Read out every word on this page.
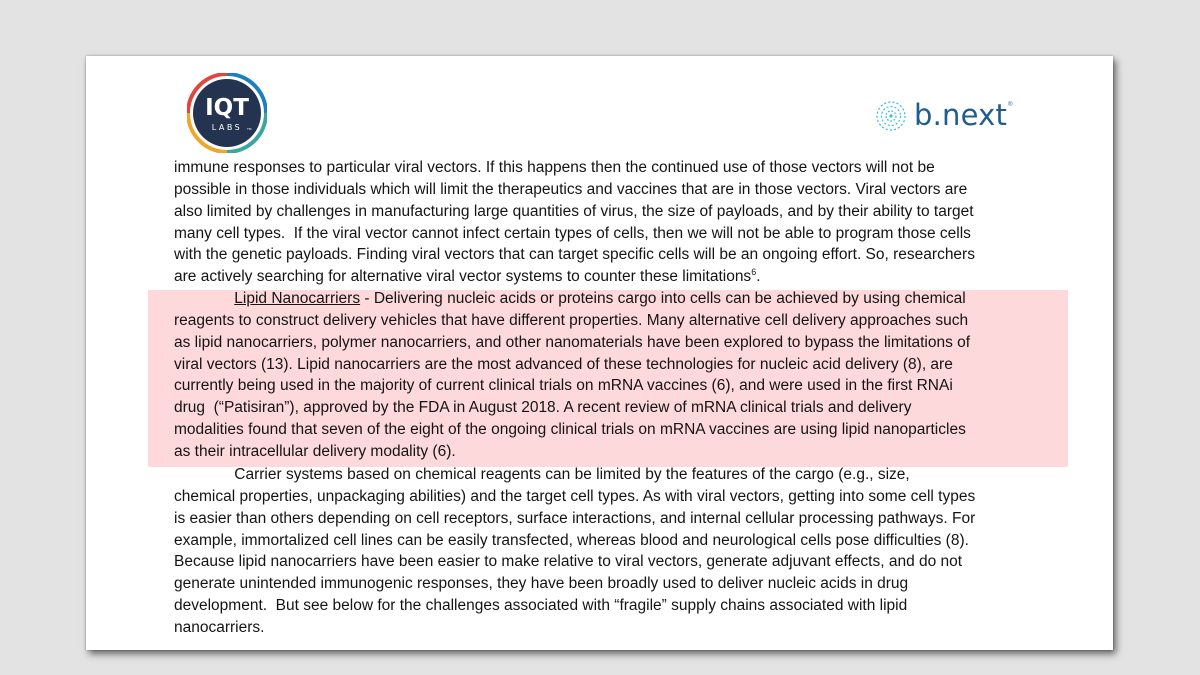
IQT
LABS	TM	b.next ®
immune responses to particular viral vectors. If this happens then the continued use of those vectors will not be
possible in those individuals which will limit the therapeutics and vaccines that are in those vectors. Viral vectors are
also limited by challenges in manufacturing large quantities of virus, the size of payloads, and by their ability to target
many cell types.  If the viral vector cannot infect certain types of cells, then we will not be able to program those cells
with the genetic payloads. Finding viral vectors that can target specific cells will be an ongoing effort. So, researchers
are actively searching for alternative viral vector systems to counter these limitations$^6$.
Lipid Nanocarriers - Delivering nucleic acids or proteins cargo into cells can be achieved by using chemical
reagents to construct delivery vehicles that have different properties. Many alternative cell delivery approaches such
as lipid nanocarriers, polymer nanocarriers, and other nanomaterials have been explored to bypass the limitations of
viral vectors (13). Lipid nanocarriers are the most advanced of these technologies for nucleic acid delivery (8), are
currently being used in the majority of current clinical trials on mRNA vaccines (6), and were used in the first RNAi
drug  (“Patisiran”), approved by the FDA in August 2018. A recent review of mRNA clinical trials and delivery
modalities found that seven of the eight of the ongoing clinical trials on mRNA vaccines are using lipid nanoparticles
as their intracellular delivery modality (6).
Carrier systems based on chemical reagents can be limited by the features of the cargo (e.g., size,
chemical properties, unpackaging abilities) and the target cell types. As with viral vectors, getting into some cell types
is easier than others depending on cell receptors, surface interactions, and internal cellular processing pathways. For
example, immortalized cell lines can be easily transfected, whereas blood and neurological cells pose difficulties (8).
Because lipid nanocarriers have been easier to make relative to viral vectors, generate adjuvant effects, and do not
generate unintended immunogenic responses, they have been broadly used to deliver nucleic acids in drug
development.  But see below for the challenges associated with “fragile” supply chains associated with lipid
nanocarriers.
